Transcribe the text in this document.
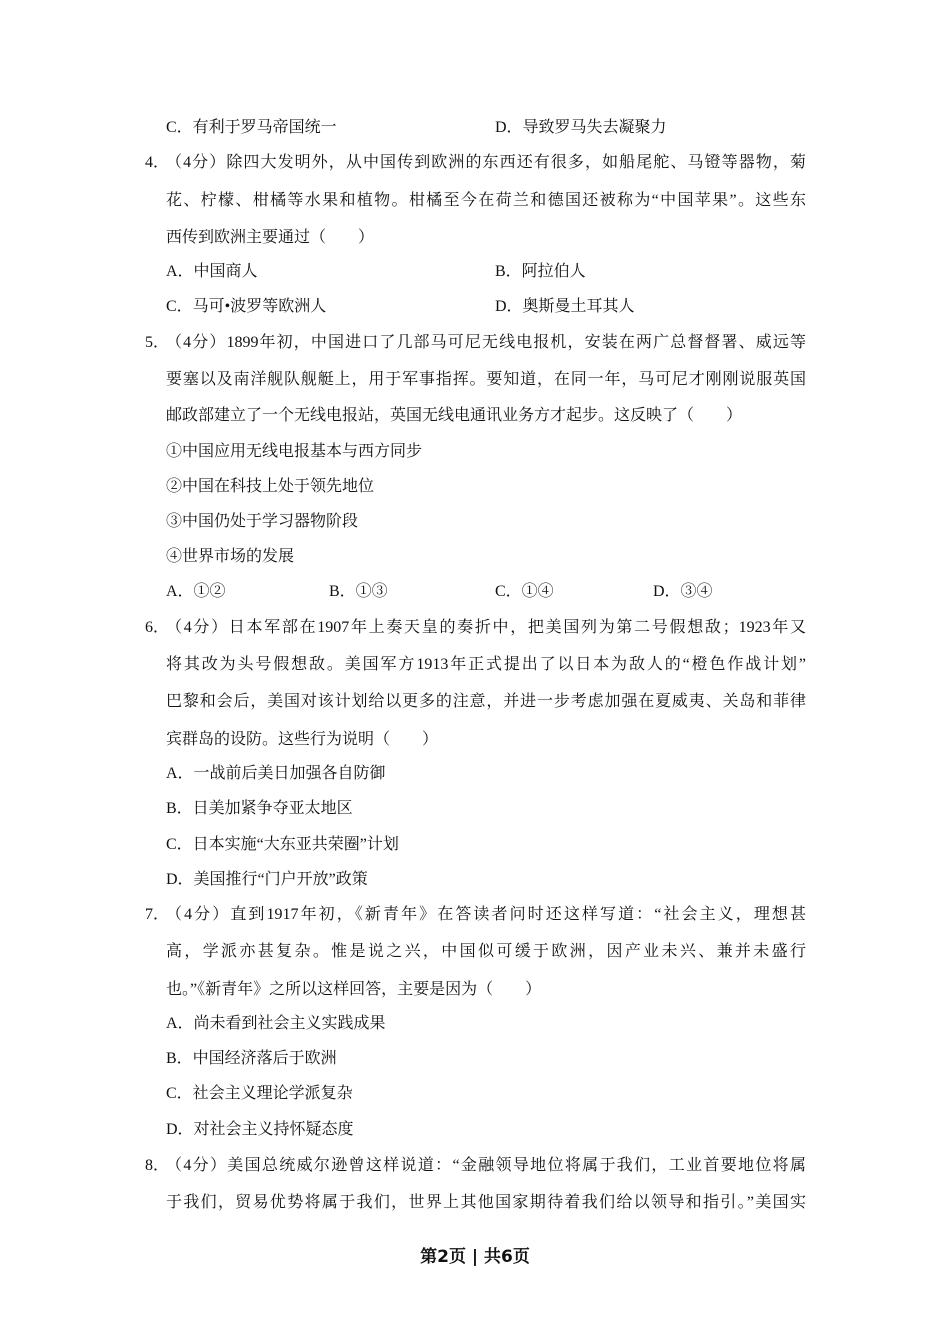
C．有利于罗马帝国统一	D．导致罗马失去凝聚力
4．
（4分）除四大发明外，从中国传到欧洲的东西还有很多，如船尾舵、马镫等器物，菊
花、柠檬、柑橘等水果和植物。柑橘至今在荷兰和德国还被称为“中国苹果”。这些东
西传到欧洲主要通过（　　）
A．中国商人	B．阿拉伯人
C．马可•波罗等欧洲人	D．奥斯曼土耳其人
5．
（4分）1899年初，中国进口了几部马可尼无线电报机，安装在两广总督督署、威远等
要塞以及南洋舰队舰艇上，用于军事指挥。要知道，在同一年，马可尼才刚刚说服英国
邮政部建立了一个无线电报站，英国无线电通讯业务方才起步。这反映了（　　）
①中国应用无线电报基本与西方同步
②中国在科技上处于领先地位
③中国仍处于学习器物阶段
④世界市场的发展
A．①②	B．①③	C．①④	D．③④
6．
（4分）日本军部在1907年上奏天皇的奏折中，把美国列为第二号假想敌；1923年又
将其改为头号假想敌。美国军方1913年正式提出了以日本为敌人的“橙色作战计划”
巴黎和会后，美国对该计划给以更多的注意，并进一步考虑加强在夏威夷、关岛和菲律
宾群岛的设防。这些行为说明（　　）
A．一战前后美日加强各自防御
B．日美加紧争夺亚太地区
C．日本实施“大东亚共荣圈”计划
D．美国推行“门户开放”政策
7．
（4分）直到1917年初，《新青年》在答读者问时还这样写道：“社会主义，理想甚
高，学派亦甚复杂。惟是说之兴，中国似可缓于欧洲，因产业未兴、兼并未盛行
也。”《新青年》之所以这样回答，主要是因为（　　）
A．尚未看到社会主义实践成果
B．中国经济落后于欧洲
C．社会主义理论学派复杂
D．对社会主义持怀疑态度
8．
（4分）美国总统威尔逊曾这样说道：“金融领导地位将属于我们，工业首要地位将属
于我们，贸易优势将属于我们，世界上其他国家期待着我们给以领导和指引。”美国实
第2页 | 共6页
